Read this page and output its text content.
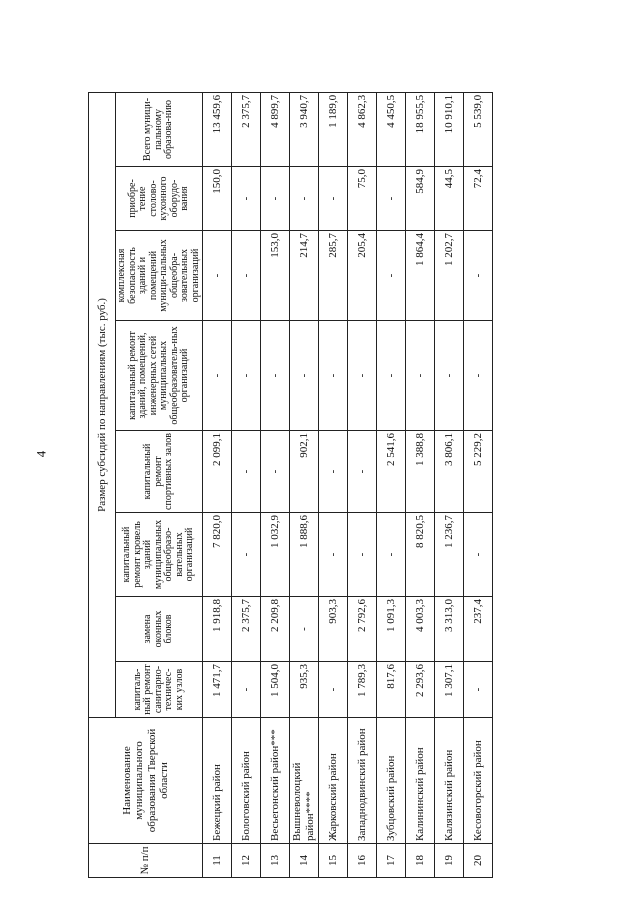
4
№ п/п	Наименование муниципального образования Тверской области	Размер субсидий по направлениям (тыс. руб.)							
		капиталь-ный ремонт санитарно-техничес-ких узлов	замена оконных блоков	капитальный ремонт кровель зданий муниципальных общеобразо-вательных организаций	капитальный ремонт спортивных залов	капитальный ремонт зданий, помещений, инженерных сетей муниципальных общеобразователь-ных организаций	комплексная безопасность зданий и помещений муници-пальных общеобра-зовательных организаций	приобре-тение столово-кухонного оборудо-вания	Всего муници-пальному образова-нию
11	Бежецкий район	1 471,7	1 918,8	7 820,0	2 099,1	-	-	150,0	13 459,6
12	Бологовский район	-	2 375,7	-	-	-	-	-	2 375,7
13	Весьегонский район***	1 504,0	2 209,8	1 032,9	-	-	153,0	-	4 899,7
14	Вышневолоцкий район****	935,3	-	1 888,6	902,1	-	214,7	-	3 940,7
15	Жарковский район	-	903,3	-	-	-	285,7	-	1 189,0
16	Западнодвинский район	1 789,3	2 792,6	-	-	-	205,4	75,0	4 862,3
17	Зубцовский район	817,6	1 091,3	-	2 541,6	-	-	-	4 450,5
18	Калининский район	2 293,6	4 003,3	8 820,5	1 388,8	-	1 864,4	584,9	18 955,5
19	Калязинский район	1 307,1	3 313,0	1 236,7	3 806,1	-	1 202,7	44,5	10 910,1
20	Кесовогорский район	-	237,4	-	5 229,2	-	-	72,4	5 539,0
